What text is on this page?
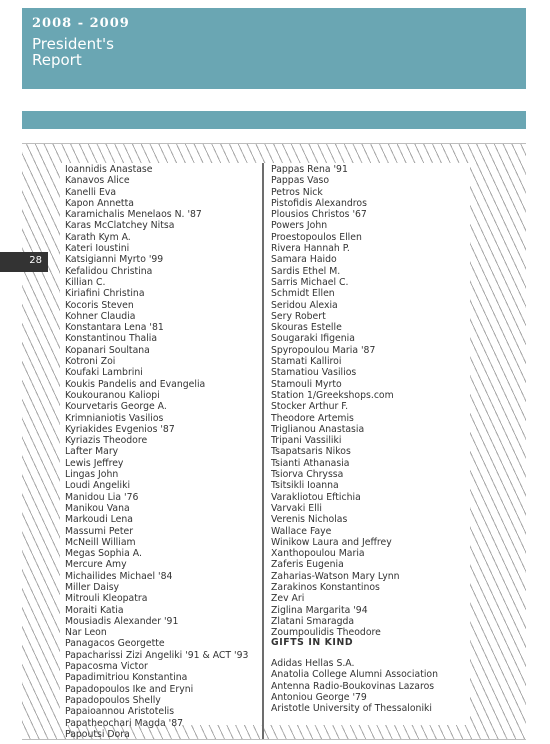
2008 - 2009
President's
Report
28
Ioannidis Anastase
Kanavos Alice
Kanelli Eva
Kapon Annetta
Karamichalis Menelaos N. '87
Karas McClatchey Nitsa
Karath Kym A.
Kateri Ioustini
Katsigianni Myrto '99
Kefalidou Christina
Killian C.
Kiriafini Christina
Kocoris Steven
Kohner Claudia
Konstantara Lena '81
Konstantinou Thalia
Kopanari Soultana
Kotroni Zoi
Koufaki Lambrini
Koukis Pandelis and Evangelia
Koukouranou Kaliopi
Kourvetaris George A.
Krimnianiotis Vasilios
Kyriakides Evgenios '87
Kyriazis Theodore
Lafter Mary
Lewis Jeffrey
Lingas John
Loudi Angeliki
Manidou Lia '76
Manikou Vana
Markoudi Lena
Massumi Peter
McNeill William
Megas Sophia A.
Mercure Amy
Michailides Michael '84
Miller Daisy
Mitrouli Kleopatra
Moraiti Katia
Mousiadis Alexander '91
Nar Leon
Panagacos Georgette
Papacharissi Zizi Angeliki '91 & ACT '93
Papacosma Victor
Papadimitriou Konstantina
Papadopoulos Ike and Eryni
Papadopoulos Shelly
Papaioannou Aristotelis
Papatheochari Magda '87
Papoutsi Dora
Pappas Rena '91
Pappas Vaso
Petros Nick
Pistofidis Alexandros
Plousios Christos '67
Powers John
Proestopoulos Ellen
Rivera Hannah P.
Samara Haido
Sardis Ethel M.
Sarris Michael C.
Schmidt Ellen
Seridou Alexia
Sery Robert
Skouras Estelle
Sougaraki Ifigenia
Spyropoulou Maria '87
Stamati Kalliroi
Stamatiou Vasilios
Stamouli Myrto
Station 1/Greekshops.com
Stocker Arthur F.
Theodore Artemis
Triglianou Anastasia
Tripani Vassiliki
Tsapatsaris Nikos
Tsianti Athanasia
Tsiorva Chryssa
Tsitsikli Ioanna
Varakliotou Eftichia
Varvaki Elli
Verenis Nicholas
Wallace Faye
Winikow Laura and Jeffrey
Xanthopoulou Maria
Zaferis Eugenia
Zaharias-Watson Mary Lynn
Zarakinos Konstantinos
Zev Ari
Ziglina Margarita '94
Zlatani Smaragda
Zoumpoulidis Theodore
GIFTS IN KIND
Adidas Hellas S.A.
Anatolia College Alumni Association
Antenna Radio-Boukovinas Lazaros
Antoniou George '79
Aristotle University of Thessaloniki
